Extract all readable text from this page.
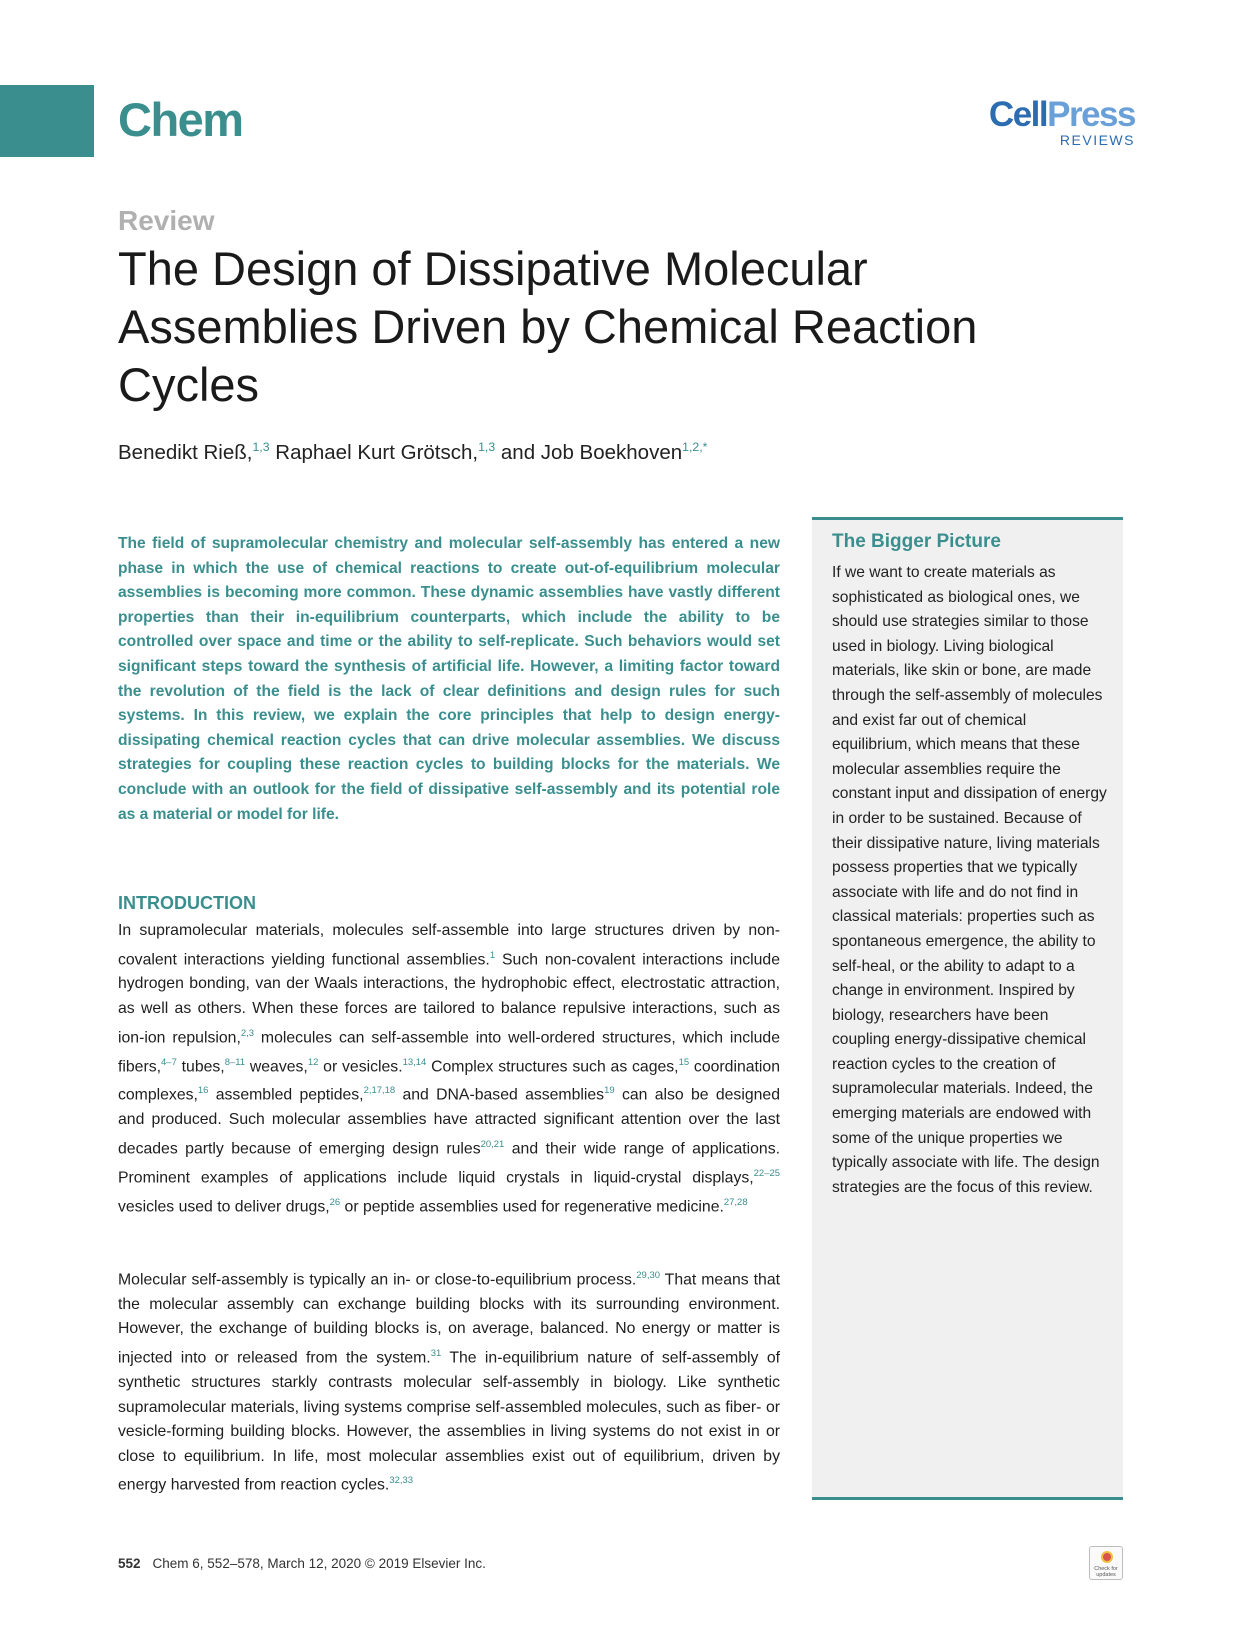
Chem	CellPress
REVIEWS
Review
The Design of Dissipative Molecular Assemblies Driven by Chemical Reaction Cycles
Benedikt Rieß,$^{1,3}$ Raphael Kurt Grötsch,$^{1,3}$ and Job Boekhoven$^{1,2,*}$

The field of supramolecular chemistry and molecular self-assembly has entered a new phase in which the use of chemical reactions to create out-of-equilibrium molecular assemblies is becoming more common. These dynamic assemblies have vastly different properties than their in-equilibrium counterparts, which include the ability to be controlled over space and time or the ability to self-replicate. Such behaviors would set significant steps toward the synthesis of artificial life. However, a limiting factor toward the revolution of the field is the lack of clear definitions and design rules for such systems. In this review, we explain the core principles that help to design energy-dissipating chemical reaction cycles that can drive molecular assemblies. We discuss strategies for coupling these reaction cycles to building blocks for the materials. We conclude with an outlook for the field of dissipative self-assembly and its potential role as a material or model for life.

INTRODUCTION

In supramolecular materials, molecules self-assemble into large structures driven by non-covalent interactions yielding functional assemblies.$^1$ Such non-covalent interactions include hydrogen bonding, van der Waals interactions, the hydrophobic effect, electrostatic attraction, as well as others. When these forces are tailored to balance repulsive interactions, such as ion-ion repulsion,$^{2,3}$ molecules can self-assemble into well-ordered structures, which include fibers,$^{4-7}$ tubes,$^{8-11}$ weaves,$^{12}$ or vesicles.$^{13,14}$ Complex structures such as cages,$^{15}$ coordination complexes,$^{16}$ assembled peptides,$^{2,17,18}$ and DNA-based assemblies$^{19}$ can also be designed and produced. Such molecular assemblies have attracted significant attention over the last decades partly because of emerging design rules$^{20,21}$ and their wide range of applications. Prominent examples of applications include liquid crystals in liquid-crystal displays,$^{22-25}$ vesicles used to deliver drugs,$^{26}$ or peptide assemblies used for regenerative medicine.$^{27,28}$

Molecular self-assembly is typically an in- or close-to-equilibrium process.$^{29,30}$ That means that the molecular assembly can exchange building blocks with its surrounding environment. However, the exchange of building blocks is, on average, balanced. No energy or matter is injected into or released from the system.$^{31}$ The in-equilibrium nature of self-assembly of synthetic structures starkly contrasts molecular self-assembly in biology. Like synthetic supramolecular materials, living systems comprise self-assembled molecules, such as fiber- or vesicle-forming building blocks. However, the assemblies in living systems do not exist in or close to equilibrium. In life, most molecular assemblies exist out of equilibrium, driven by energy harvested from reaction cycles.$^{32,33}$

The Bigger Picture

If we want to create materials as sophisticated as biological ones, we should use strategies similar to those used in biology. Living biological materials, like skin or bone, are made through the self-assembly of molecules and exist far out of chemical equilibrium, which means that these molecular assemblies require the constant input and dissipation of energy in order to be sustained. Because of their dissipative nature, living materials possess properties that we typically associate with life and do not find in classical materials: properties such as spontaneous emergence, the ability to self-heal, or the ability to adapt to a change in environment. Inspired by biology, researchers have been coupling energy-dissipative chemical reaction cycles to the creation of supramolecular materials. Indeed, the emerging materials are endowed with some of the unique properties we typically associate with life. The design strategies are the focus of this review.

552 Chem 6, 552–578, March 12, 2020 © 2019 Elsevier Inc.	Check for updates
